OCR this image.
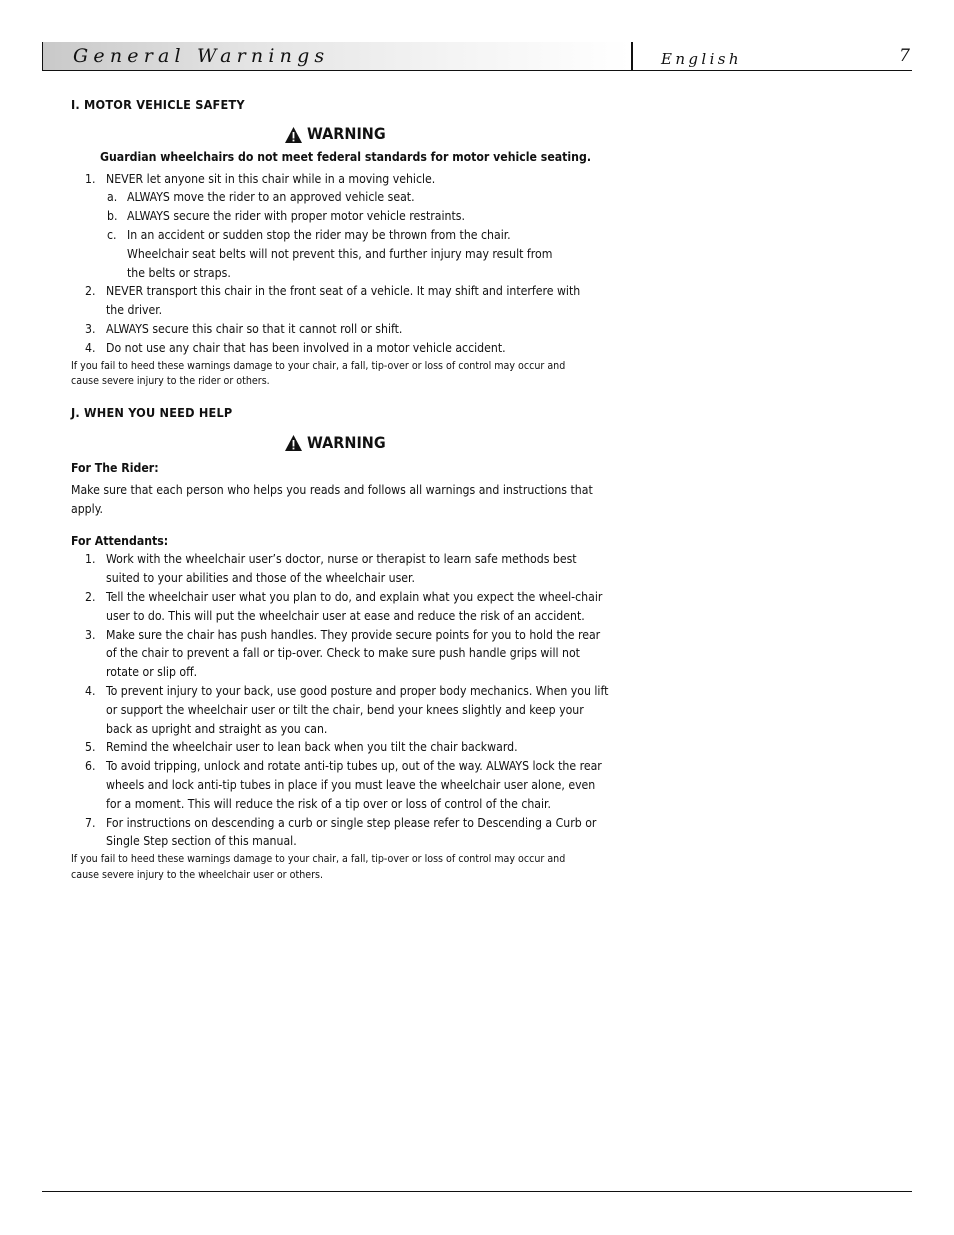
General Warnings	English	7
I. MOTOR VEHICLE SAFETY
WARNING
Guardian wheelchairs do not meet federal standards for motor vehicle seating.
1. NEVER let anyone sit in this chair while in a moving vehicle.
a. ALWAYS move the rider to an approved vehicle seat.
b. ALWAYS secure the rider with proper motor vehicle restraints.
c. In an accident or sudden stop the rider may be thrown from the chair. Wheelchair seat belts will not prevent this, and further injury may result from the belts or straps.
2. NEVER transport this chair in the front seat of a vehicle. It may shift and interfere with the driver.
3. ALWAYS secure this chair so that it cannot roll or shift.
4. Do not use any chair that has been involved in a motor vehicle accident.
If you fail to heed these warnings damage to your chair, a fall, tip-over or loss of control may occur and cause severe injury to the rider or others.
J. WHEN YOU NEED HELP
WARNING
For The Rider:
Make sure that each person who helps you reads and follows all warnings and instructions that apply.
For Attendants:
1. Work with the wheelchair user’s doctor, nurse or therapist to learn safe methods best suited to your abilities and those of the wheelchair user.
2. Tell the wheelchair user what you plan to do, and explain what you expect the wheel-chair user to do. This will put the wheelchair user at ease and reduce the risk of an accident.
3. Make sure the chair has push handles. They provide secure points for you to hold the rear of the chair to prevent a fall or tip-over. Check to make sure push handle grips will not rotate or slip off.
4. To prevent injury to your back, use good posture and proper body mechanics. When you lift or support the wheelchair user or tilt the chair, bend your knees slightly and keep your back as upright and straight as you can.
5. Remind the wheelchair user to lean back when you tilt the chair backward.
6. To avoid tripping, unlock and rotate anti-tip tubes up, out of the way. ALWAYS lock the rear wheels and lock anti-tip tubes in place if you must leave the wheelchair user alone, even for a moment. This will reduce the risk of a tip over or loss of control of the chair.
7. For instructions on descending a curb or single step please refer to Descending a Curb or Single Step section of this manual.
If you fail to heed these warnings damage to your chair, a fall, tip-over or loss of control may occur and cause severe injury to the wheelchair user or others.
